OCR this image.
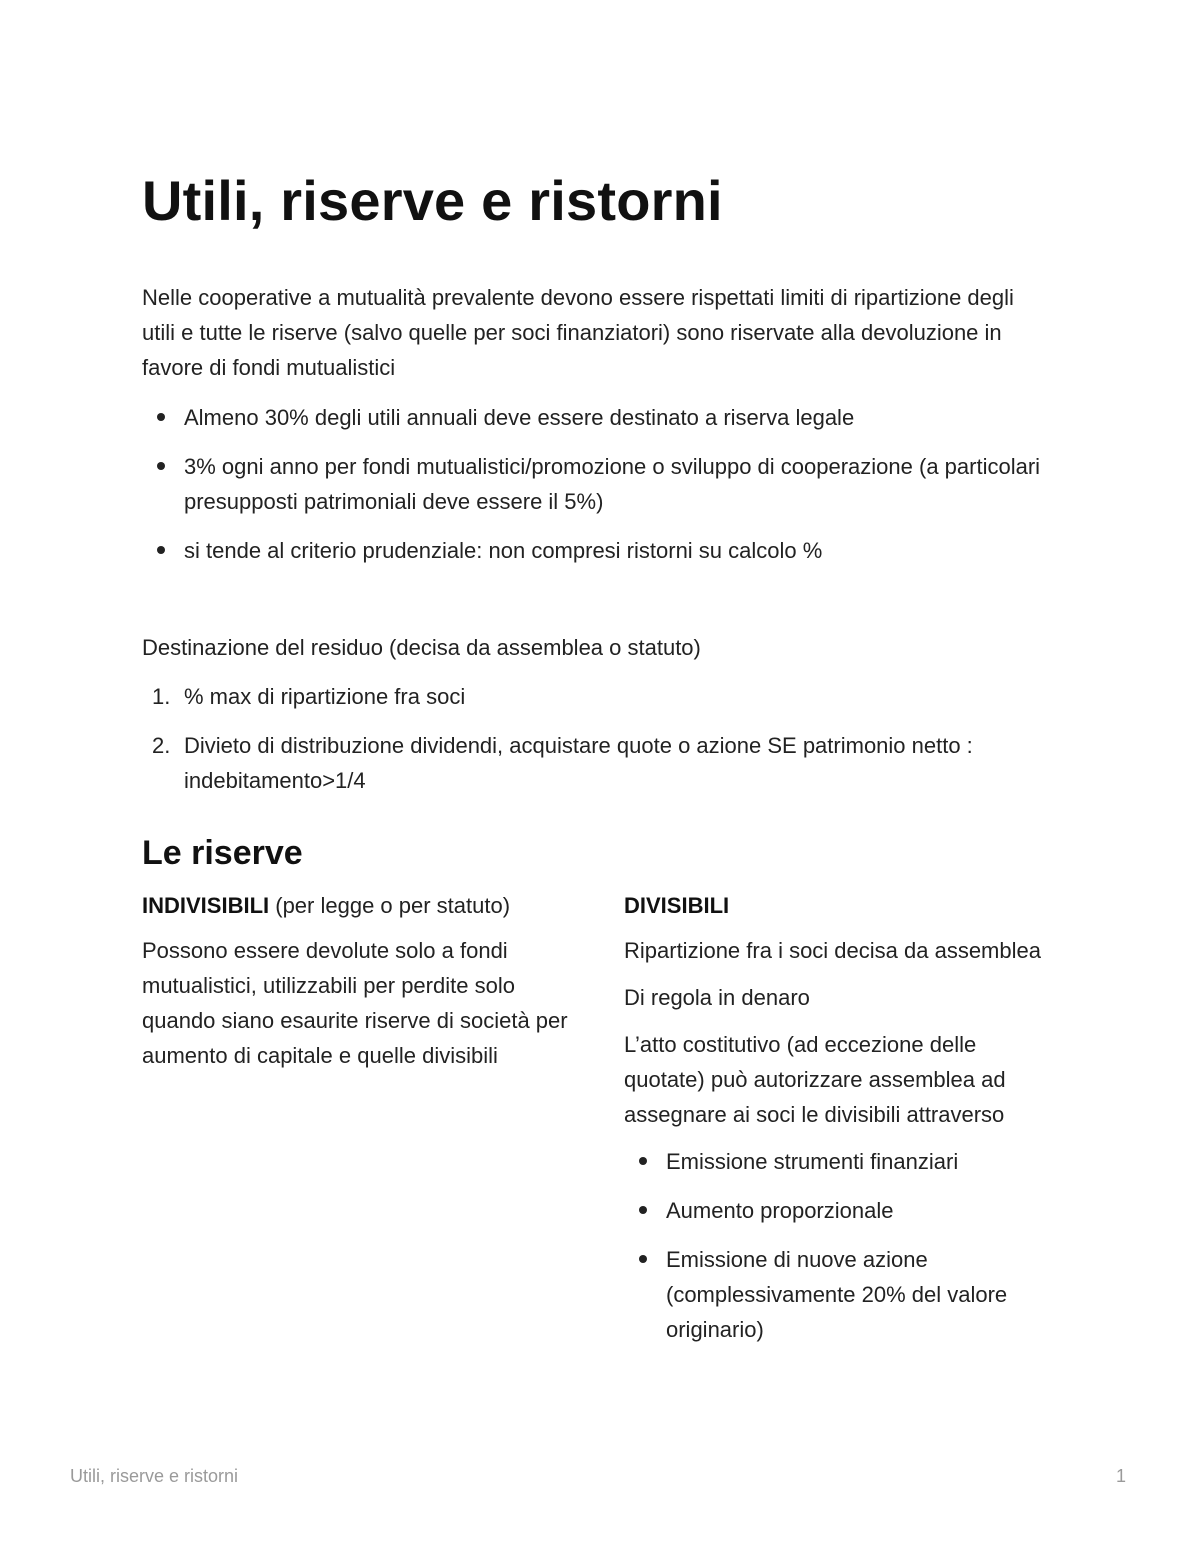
Utili, riserve e ristorni

Nelle cooperative a mutualità prevalente devono essere rispettati limiti di ripartizione degli utili e tutte le riserve (salvo quelle per soci finanziatori) sono riservate alla devoluzione in favore di fondi mutualistici

Almeno 30% degli utili annuali deve essere destinato a riserva legale
3% ogni anno per fondi mutualistici/promozione o sviluppo di cooperazione (a particolari presupposti patrimoniali deve essere il 5%)
si tende al criterio prudenziale: non compresi ristorni su calcolo %

Destinazione del residuo (decisa da assemblea o statuto)

1. % max di ripartizione fra soci
2. Divieto di distribuzione dividendi, acquistare quote o azione SE patrimonio netto : indebitamento>1/4
Le riserve

INDIVISIBILI (per legge o per statuto)

Possono essere devolute solo a fondi mutualistici, utilizzabili per perdite solo quando siano esaurite riserve di società per aumento di capitale e quelle divisibili

DIVISIBILI

Ripartizione fra i soci decisa da assemblea

Di regola in denaro

L’atto costitutivo (ad eccezione delle quotate) può autorizzare assemblea ad assegnare ai soci le divisibili attraverso

Emissione strumenti finanziari
Aumento proporzionale
Emissione di nuove azione (complessivamente 20% del valore originario)
Utili, riserve e ristorni	1
